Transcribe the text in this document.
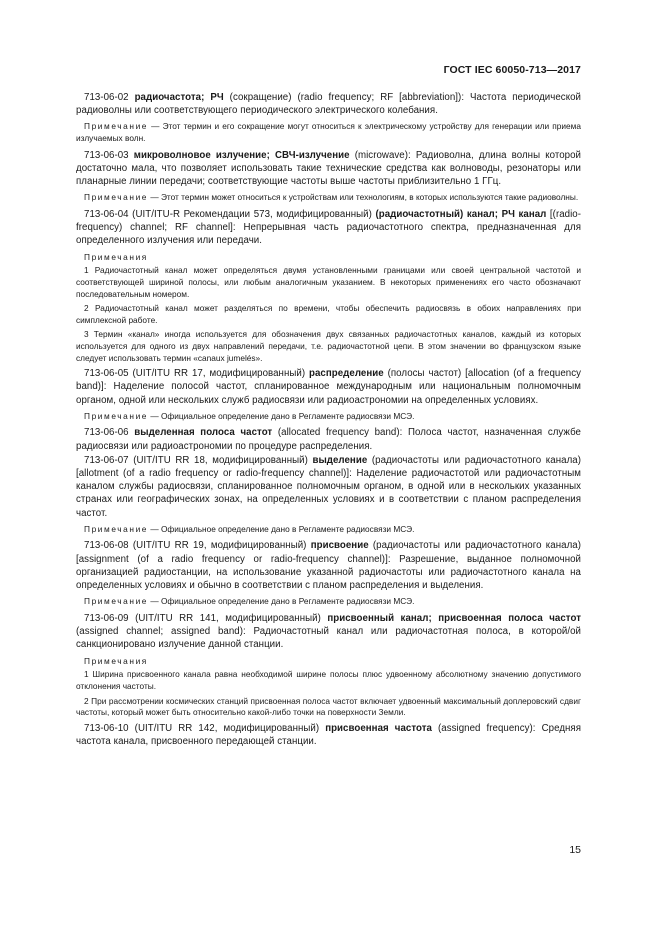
ГОСТ IEC 60050-713—2017

713-06-02 радиочастота; РЧ (сокращение) (radio frequency; RF [abbreviation]): Частота периодической радиоволны или соответствующего периодического электрического колебания.

Примечание — Этот термин и его сокращение могут относиться к электрическому устройству для генерации или приема излучаемых волн.

713-06-03 микроволновое излучение; СВЧ-излучение (microwave): Радиоволна, длина волны которой достаточно мала, что позволяет использовать такие технические средства как волноводы, резонаторы или планарные линии передачи; соответствующие частоты выше частоты приблизительно 1 ГГц.

Примечание — Этот термин может относиться к устройствам или технологиям, в которых используются такие радиоволны.

713-06-04 (UIT/ITU-R Рекомендации 573, модифицированный) (радиочастотный) канал; РЧ канал [(radio-frequency) channel; RF channel]: Непрерывная часть радиочастотного спектра, предназначенная для определенного излучения или передачи.

Примечания

1 Радиочастотный канал может определяться двумя установленными границами или своей центральной частотой и соответствующей шириной полосы, или любым аналогичным указанием. В некоторых применениях его часто обозначают последовательным номером.

2 Радиочастотный канал может разделяться по времени, чтобы обеспечить радиосвязь в обоих направлениях при симплексной работе.

3 Термин «канал» иногда используется для обозначения двух связанных радиочастотных каналов, каждый из которых используется для одного из двух направлений передачи, т.е. радиочастотной цепи. В этом значении во французском языке следует использовать термин «canaux jumelés».

713-06-05 (UIT/ITU RR 17, модифицированный) распределение (полосы частот) [allocation (of a frequency band)]: Наделение полосой частот, спланированное международным или национальным полномочным органом, одной или нескольких служб радиосвязи или радиоастрономии на определенных условиях.

Примечание — Официальное определение дано в Регламенте радиосвязи МСЭ.

713-06-06 выделенная полоса частот (allocated frequency band): Полоса частот, назначенная службе радиосвязи или радиоастрономии по процедуре распределения.

713-06-07 (UIT/ITU RR 18, модифицированный) выделение (радиочастоты или радиочастотного канала) [allotment (of a radio frequency or radio-frequency channel)]: Наделение радиочастотой или радиочастотным каналом службы радиосвязи, спланированное полномочным органом, в одной или в нескольких указанных странах или географических зонах, на определенных условиях и в соответствии с планом распределения частот.

Примечание — Официальное определение дано в Регламенте радиосвязи МСЭ.

713-06-08 (UIT/ITU RR 19, модифицированный) присвоение (радиочастоты или радиочастотного канала) [assignment (of a radio frequency or radio-frequency channel)]: Разрешение, выданное полномочной организацией радиостанции, на использование указанной радиочастоты или радиочастотного канала на определенных условиях и обычно в соответствии с планом распределения и выделения.

Примечание — Официальное определение дано в Регламенте радиосвязи МСЭ.

713-06-09 (UIT/ITU RR 141, модифицированный) присвоенный канал; присвоенная полоса частот (assigned channel; assigned band): Радиочастотный канал или радиочастотная полоса, в которой/ой санкционировано излучение данной станции.

Примечания

1 Ширина присвоенного канала равна необходимой ширине полосы плюс удвоенному абсолютному значению допустимого отклонения частоты.

2 При рассмотрении космических станций присвоенная полоса частот включает удвоенный максимальный доплеровский сдвиг частоты, который может быть относительно какой-либо точки на поверхности Земли.

713-06-10 (UIT/ITU RR 142, модифицированный) присвоенная частота (assigned frequency): Средняя частота канала, присвоенного передающей станции.

15
